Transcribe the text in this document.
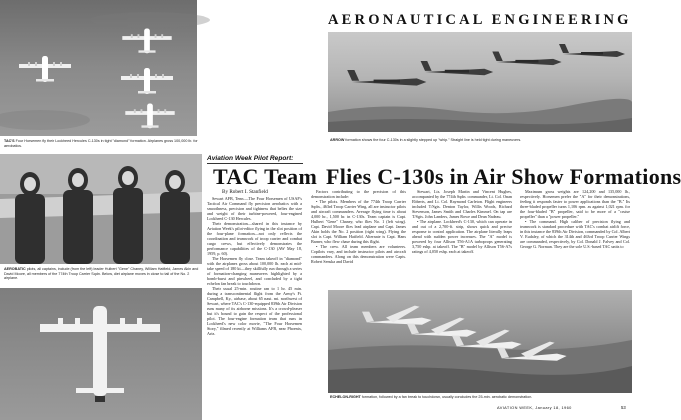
AERONAUTICAL ENGINEERING
TAC'S Four Horsemen fly their Lockheed Hercules C-130s in tight "diamond" formation. Airplanes gross 100,000 lb. for aerobatics.
ARROW formation shows the four C-130s in a slightly stepped up "whip." Straight line is held tight during maneuvers.
AEROBATIC pilots, all captains, include (from the left) leader Hulbert "Gene" Chaney, William Hatfield, James Akin and David Moore, all members of the 774th Troop Carrier Sqdn. Below, diet airplane moves in close to tail of the No. 2 airplane.
Aviation Week Pilot Report:
TAC Team Flies C-130s in Air Show Formations
By Robert I. Stanfield

Sewart AFB, Tenn.—The Four Horsemen of USAF's Tactical Air Command fly precision aerobatics with a smoothness, precision and tightness that belies the size and weight of their turbine-powered, four-engined Lockheed C-130 Hercules.

Their demonstration—shared in this instance by Aviation Week's pilot-editor flying in the slot position of the four-plane formation—not only reflects the coordination and teamwork of troop carrier and combat cargo crews, but effectively demonstrates the performance capabilities of the C-130 (AW May 18, 1959, p. 60).

The Horsemen fly close. Team takeoff in "diamond" with the airplanes gross about 100,000 lb. each at mid-take speed of 180 kt—they skillfully run through a series of formation-changing maneuvers highlighted by a bomb-burst and pinwheel, and concluded by a tight echelon fan break to touchdown.

Their usual 25-min. routine ran to 1 hr. 45 min. during a transcontinental flight from the Army's Ft. Campbell, Ky., airbase, about 65 naut. mi. northwest of Sewart, where TAC's C-130-equipped 839th Air Division runs many of its airborne missions. It's a crowd-pleaser but it's bound to gain the respect of the professional pilot. The four-engine formation team that runs in Lockheed's new color movie, "The Four Horsemen Story," filmed recently at Williams AFB, near Phoenix, Ariz.

Factors contributing to the precision of this demonstration include:

• The pilots. Members of the 774th Troop Carrier Sqdn., 463rd Troop Carrier Wing, all are instructor pilots and aircraft commanders. Average flying time is about 4,000 hr., 1,500 hr. in C-130s. Team captain is Capt. Hulbert "Gene" Chaney, who flies No. 1 (left wing). Capt. David Moore flies lead airplane and Capt. James Akin holds the No. 2 position (right wing). Flying the slot is Capt. William Hatfield. Alternate is Capt. Hans Barner, who flew chase during this flight.

• The crew. All team members are volunteers. Copilots vary, and include instructor pilots and aircraft commanders. Along on this demonstration were Capts. Robert Senska and David

Stewart, Lts. Joseph Martin and Vincent Hughes, accompanied by the 774th Sqdn. commander, Lt. Col. Onan Ebberts, and Lt. Col. Raymond Carleton. Flight engineers included T/Sgts. Denton Taylor, Willis Woods, Richard Stevenson, James Smith and Charles Kimmel. On tap are T/Sgts. John Landers, James Rowe and Dean Nadeau.

• The airplane. Lockheed's C-130, which can operate in and out of a 2,700-ft. strip, shows quick and precise response to control application. The airplane literally leaps ahead with sudden power increases. The "A" model is powered by four Allison T56-A1A turboprops generating 3,750 eshp. at takeoff. The "B" model by Allison T56-A7s ratings of 4,050 eshp. each at takeoff.

Maximum gross weights are 124,200 and 135,000 lb., respectively. Horsemen prefer the "A" for their demonstrations, feeling it responds faster to power applications than the "B." Its three-bladed propeller turns 1,106 rpm. as against 1,021 rpm. for the four-bladed "B" propeller, said to be more of a "cruise propeller" than a "power propeller."

• The command. High caliber of precision flying and teamwork is standard procedure with TAC's combat airlift force, in this instance the 839th Air Division, commanded by Col. Albert V. Eudaley, of which the 314th and 463rd Troop Carrier Wings are commanded, respectively, by Col. Donald J. Falvey and Col. George G. Norman. They are the sole U.S.-based TAC units to

ECHELON-RIGHT formation, followed by a fan break to touchdown, usually concludes the 25-min. aerobatic demonstration.
AVIATION WEEK, January 18, 1960	53
